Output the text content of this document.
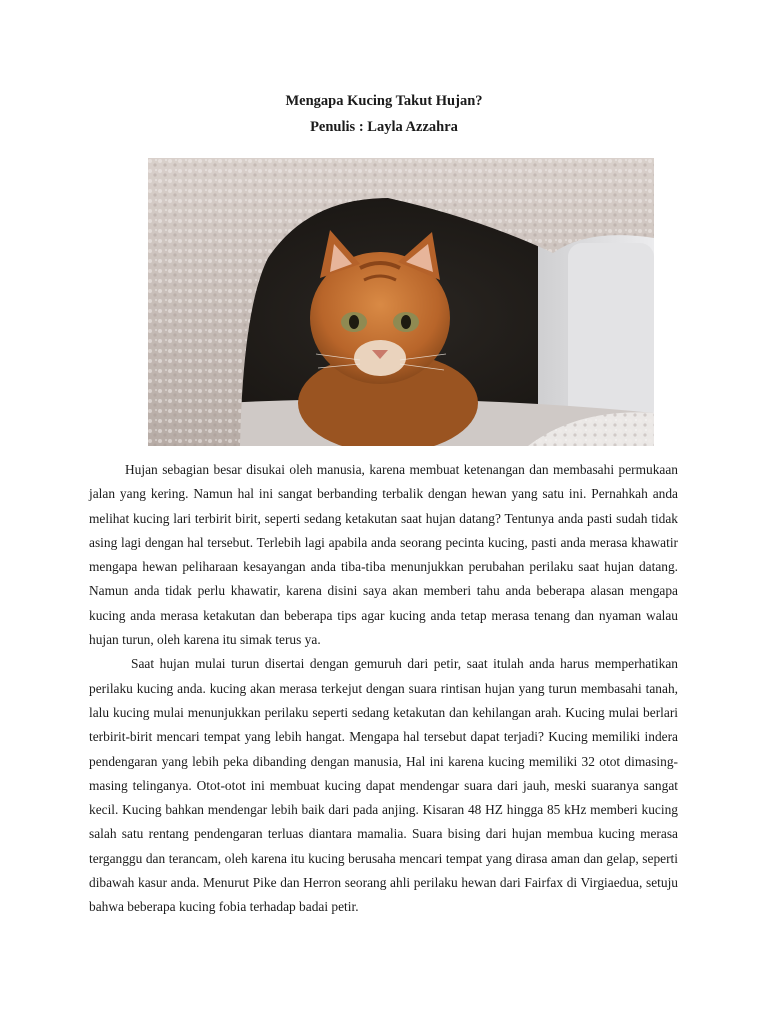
Mengapa Kucing Takut Hujan?
Penulis : Layla Azzahra

Hujan sebagian besar disukai oleh manusia, karena membuat ketenangan dan membasahi permukaan jalan yang kering. Namun hal ini sangat berbanding terbalik dengan hewan yang satu ini. Pernahkah anda melihat kucing lari terbirit birit, seperti sedang ketakutan saat hujan datang? Tentunya anda pasti sudah tidak asing lagi dengan hal tersebut. Terlebih lagi apabila anda seorang pecinta kucing, pasti anda merasa khawatir mengapa hewan peliharaan kesayangan anda tiba-tiba menunjukkan perubahan perilaku saat hujan datang. Namun anda tidak perlu khawatir, karena disini saya akan memberi tahu anda beberapa alasan mengapa kucing anda merasa ketakutan dan beberapa tips agar kucing anda tetap merasa tenang dan nyaman walau hujan turun, oleh karena itu simak terus ya.

Saat hujan mulai turun disertai dengan gemuruh dari petir, saat itulah anda harus memperhatikan perilaku kucing anda. kucing akan merasa terkejut dengan suara rintisan hujan yang turun membasahi tanah, lalu kucing mulai menunjukkan perilaku seperti sedang ketakutan dan kehilangan arah. Kucing mulai berlari terbirit-birit mencari tempat yang lebih hangat. Mengapa hal tersebut dapat terjadi? Kucing memiliki indera pendengaran yang lebih peka dibanding dengan manusia, Hal ini karena kucing memiliki 32 otot dimasing-masing telinganya. Otot-otot ini membuat kucing dapat mendengar suara dari jauh, meski suaranya sangat kecil. Kucing bahkan mendengar lebih baik dari pada anjing. Kisaran 48 HZ hingga 85 kHz memberi kucing salah satu rentang pendengaran terluas diantara mamalia. Suara bising dari hujan membua kucing merasa terganggu dan terancam, oleh karena itu kucing berusaha mencari tempat yang dirasa aman dan gelap, seperti dibawah kasur anda. Menurut Pike dan Herron seorang ahli perilaku hewan dari Fairfax di Virgiaedua, setuju bahwa beberapa kucing fobia terhadap badai petir.
